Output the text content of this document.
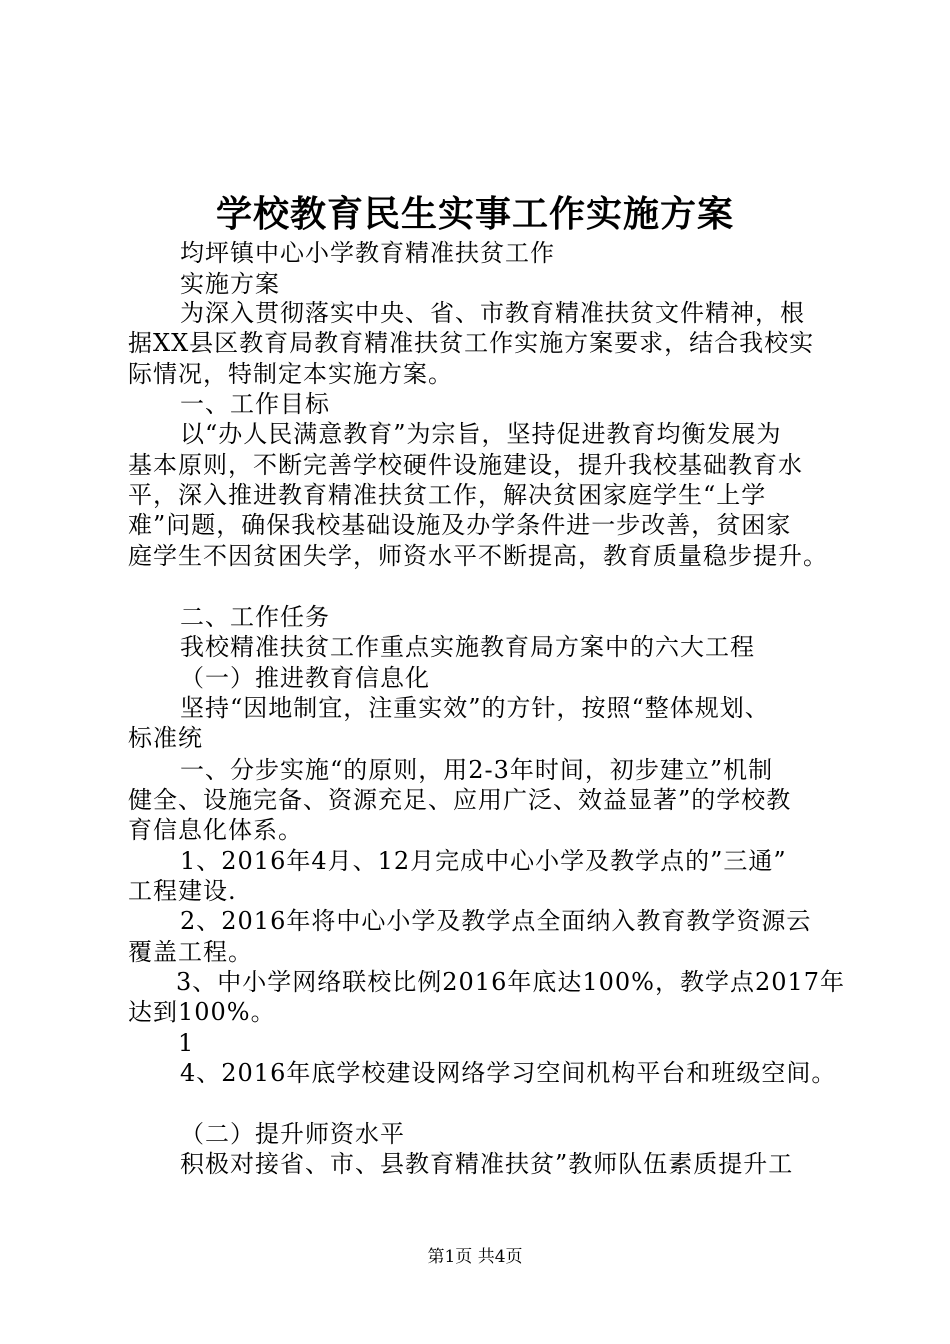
学校教育民生实事工作实施方案
均坪镇中心小学教育精准扶贫工作
实施方案
为深入贯彻落实中央、省、市教育精准扶贫文件精神，根
据XX县区教育局教育精准扶贫工作实施方案要求，结合我校实
际情况，特制定本实施方案。
一、工作目标
以“办人民满意教育”为宗旨，坚持促进教育均衡发展为
基本原则，不断完善学校硬件设施建设，提升我校基础教育水
平，深入推进教育精准扶贫工作，解决贫困家庭学生“上学
难”问题，确保我校基础设施及办学条件进一步改善，贫困家
庭学生不因贫困失学，师资水平不断提高，教育质量稳步提升。
二、工作任务
我校精准扶贫工作重点实施教育局方案中的六大工程
（一）推进教育信息化
坚持“因地制宜，注重实效”的方针，按照“整体规划、
标准统
一、分步实施“的原则，用2-3年时间，初步建立”机制
健全、设施完备、资源充足、应用广泛、效益显著”的学校教
育信息化体系。
1、2016年4月、12月完成中心小学及教学点的”三通”
工程建设.
2、2016年将中心小学及教学点全面纳入教育教学资源云
覆盖工程。
3、中小学网络联校比例2016年底达100%，教学点2017年
达到100%。
1
4、2016年底学校建设网络学习空间机构平台和班级空间。
（二）提升师资水平
积极对接省、市、县教育精准扶贫”教师队伍素质提升工
第1页 共4页
